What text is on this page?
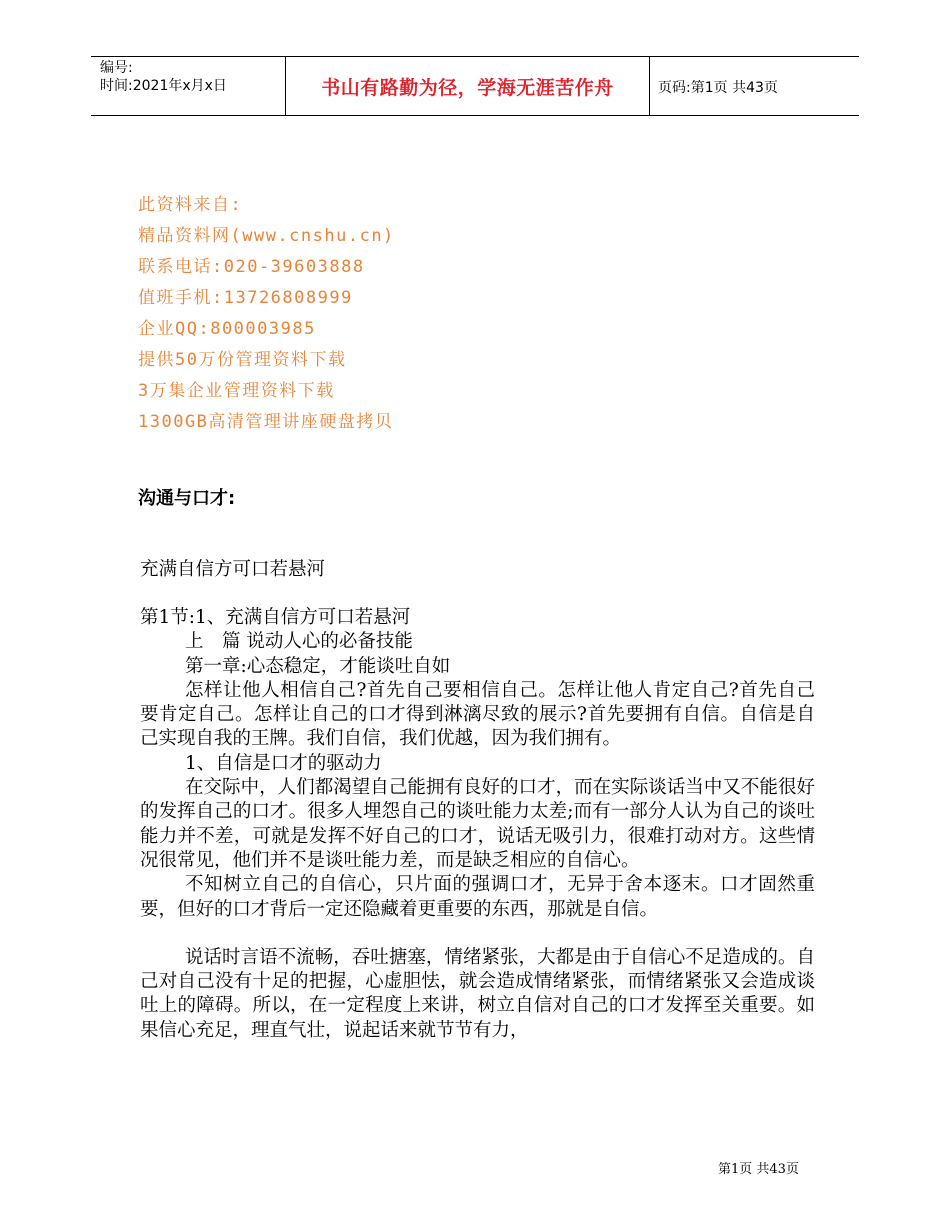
编号:
时间:2021年x月x日	书山有路勤为径，学海无涯苦作舟	页码:第1页 共43页
此资料来自:
精品资料网(www.cnshu.cn)
联系电话:020-39603888
值班手机:13726808999
企业QQ:800003985
提供50万份管理资料下载
3万集企业管理资料下载
1300GB高清管理讲座硬盘拷贝
沟通与口才:

充满自信方可口若悬河

第1节:1、充满自信方可口若悬河

上　篇 说动人心的必备技能

第一章:心态稳定，才能谈吐自如

怎样让他人相信自己?首先自己要相信自己。怎样让他人肯定自己?首先自己要肯定自己。怎样让自己的口才得到淋漓尽致的展示?首先要拥有自信。自信是自己实现自我的王牌。我们自信，我们优越，因为我们拥有。

1、自信是口才的驱动力

在交际中，人们都渴望自己能拥有良好的口才，而在实际谈话当中又不能很好的发挥自己的口才。很多人埋怨自己的谈吐能力太差;而有一部分人认为自己的谈吐能力并不差，可就是发挥不好自己的口才，说话无吸引力，很难打动对方。这些情况很常见，他们并不是谈吐能力差，而是缺乏相应的自信心。

不知树立自己的自信心，只片面的强调口才，无异于舍本逐末。口才固然重要，但好的口才背后一定还隐藏着更重要的东西，那就是自信。

说话时言语不流畅，吞吐搪塞，情绪紧张，大都是由于自信心不足造成的。自己对自己没有十足的把握，心虚胆怯，就会造成情绪紧张，而情绪紧张又会造成谈吐上的障碍。所以，在一定程度上来讲，树立自信对自己的口才发挥至关重要。如果信心充足，理直气壮，说起话来就节节有力，

第1页 共43页
